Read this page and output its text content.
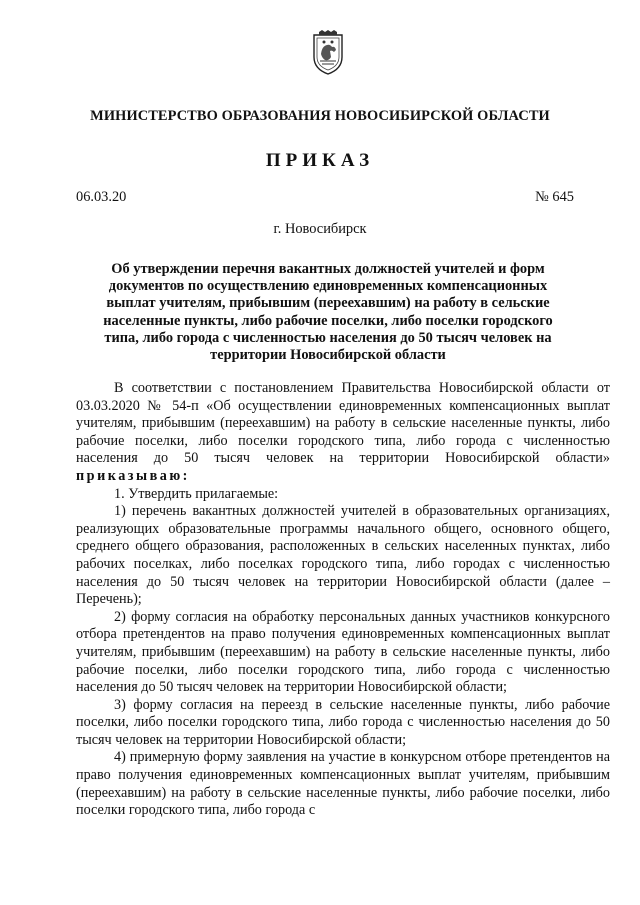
МИНИСТЕРСТВО ОБРАЗОВАНИЯ НОВОСИБИРСКОЙ ОБЛАСТИ
ПРИКАЗ
06.03.20	№ 645
г. Новосибирск
Об утверждении перечня вакантных должностей учителей и форм документов по осуществлению единовременных компенсационных выплат учителям, прибывшим (переехавшим) на работу в сельские населенные пункты, либо рабочие поселки, либо поселки городского типа, либо города с численностью населения до 50 тысяч человек на территории Новосибирской области

В соответствии с постановлением Правительства Новосибирской области от 03.03.2020 № 54-п «Об осуществлении единовременных компенсационных выплат учителям, прибывшим (переехавшим) на работу в сельские населенные пункты, либо рабочие поселки, либо поселки городского типа, либо города с численностью населения до 50 тысяч человек на территории Новосибирской области» приказываю:

1. Утвердить прилагаемые:

1) перечень вакантных должностей учителей в образовательных организациях, реализующих образовательные программы начального общего, основного общего, среднего общего образования, расположенных в сельских населенных пунктах, либо рабочих поселках, либо поселках городского типа, либо городах с численностью населения до 50 тысяч человек на территории Новосибирской области (далее – Перечень);

2) форму согласия на обработку персональных данных участников конкурсного отбора претендентов на право получения единовременных компенсационных выплат учителям, прибывшим (переехавшим) на работу в сельские населенные пункты, либо рабочие поселки, либо поселки городского типа, либо города с численностью населения до 50 тысяч человек на территории Новосибирской области;

3) форму согласия на переезд в сельские населенные пункты, либо рабочие поселки, либо поселки городского типа, либо города с численностью населения до 50 тысяч человек на территории Новосибирской области;

4) примерную форму заявления на участие в конкурсном отборе претендентов на право получения единовременных компенсационных выплат учителям, прибывшим (переехавшим) на работу в сельские населенные пункты, либо рабочие поселки, либо поселки городского типа, либо города с
